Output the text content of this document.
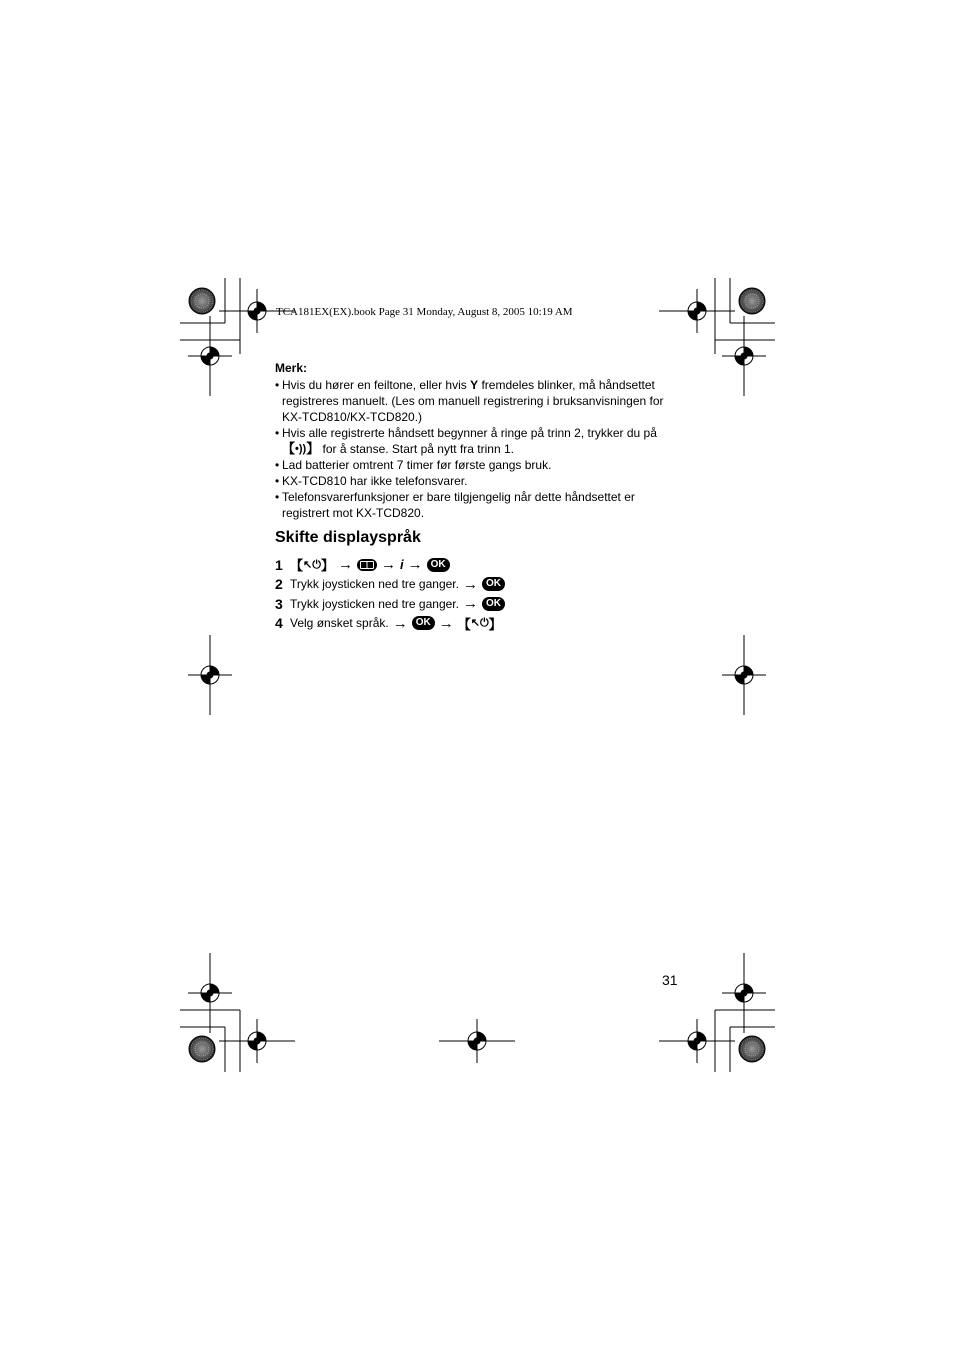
TCA181EX(EX).book Page 31 Monday, August 8, 2005 10:19 AM
Merk:
• Hvis du hører en feiltone, eller hvis Y fremdeles blinker, må håndsettet registreres manuelt. (Les om manuell registrering i bruksanvisningen for KX-TCD810/KX-TCD820.)
• Hvis alle registrerte håndsett begynner å ringe på trinn 2, trykker du på
【 •)) 】 for å stanse. Start på nytt fra trinn 1.
• Lad batterier omtrent 7 timer før første gangs bruk.
• KX-TCD810 har ikke telefonsvarer.
• Telefonsvarerfunksjoner er bare tilgjengelig når dette håndsettet er registrert mot KX-TCD820.
Skifte displayspråk
1 【 ↖⏻ 】 → → i → OK
2 Trykk joysticken ned tre ganger. → OK
3 Trykk joysticken ned tre ganger. → OK
4 Velg ønsket språk. → OK → 【 ↖⏻ 】
31
